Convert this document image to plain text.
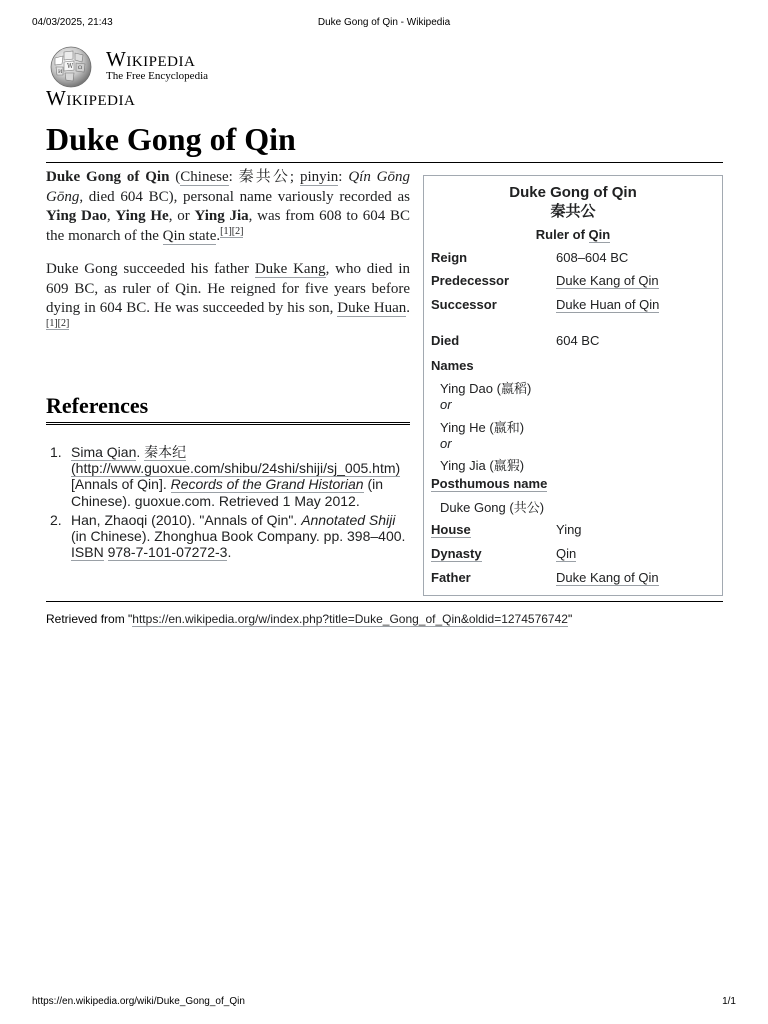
04/03/2025, 21:43	Duke Gong of Qin - Wikipedia
W Ω
И
Wikipedia
The Free Encyclopedia
Wikipedia
Duke Gong of Qin

Duke Gong of Qin (Chinese: 秦共公; pinyin: Qín Gōng Gōng, died 604 BC), personal name variously recorded as Ying Dao, Ying He, or Ying Jia, was from 608 to 604 BC the monarch of the Qin state.[1][2]

Duke Gong succeeded his father Duke Kang, who died in 609 BC, as ruler of Qin. He reigned for five years before dying in 604 BC. He was succeeded by his son, Duke Huan.[1][2]

References
1. Sima Qian. 秦本纪 (http://www.guoxue.com/shibu/24shi/shiji/sj_005.htm) [Annals of Qin]. Records of the Grand Historian (in Chinese). guoxue.com. Retrieved 1 May 2012.
2. Han, Zhaoqi (2010). "Annals of Qin". Annotated Shiji (in Chinese). Zhonghua Book Company. pp. 398–400. ISBN 978-7-101-07272-3.
Duke Gong of Qin
秦共公
Ruler of Qin
Reign	608–604 BC
Predecessor	Duke Kang of Qin
Successor	Duke Huan of Qin
Died	604 BC
Names
Ying Dao (嬴稻)
or
Ying He (嬴和)
or
Ying Jia (嬴猳)
Posthumous name
Duke Gong (共公)
House	Ying
Dynasty	Qin
Father	Duke Kang of Qin
Retrieved from "https://en.wikipedia.org/w/index.php?title=Duke_Gong_of_Qin&oldid=1274576742"
https://en.wikipedia.org/wiki/Duke_Gong_of_Qin	1/1
